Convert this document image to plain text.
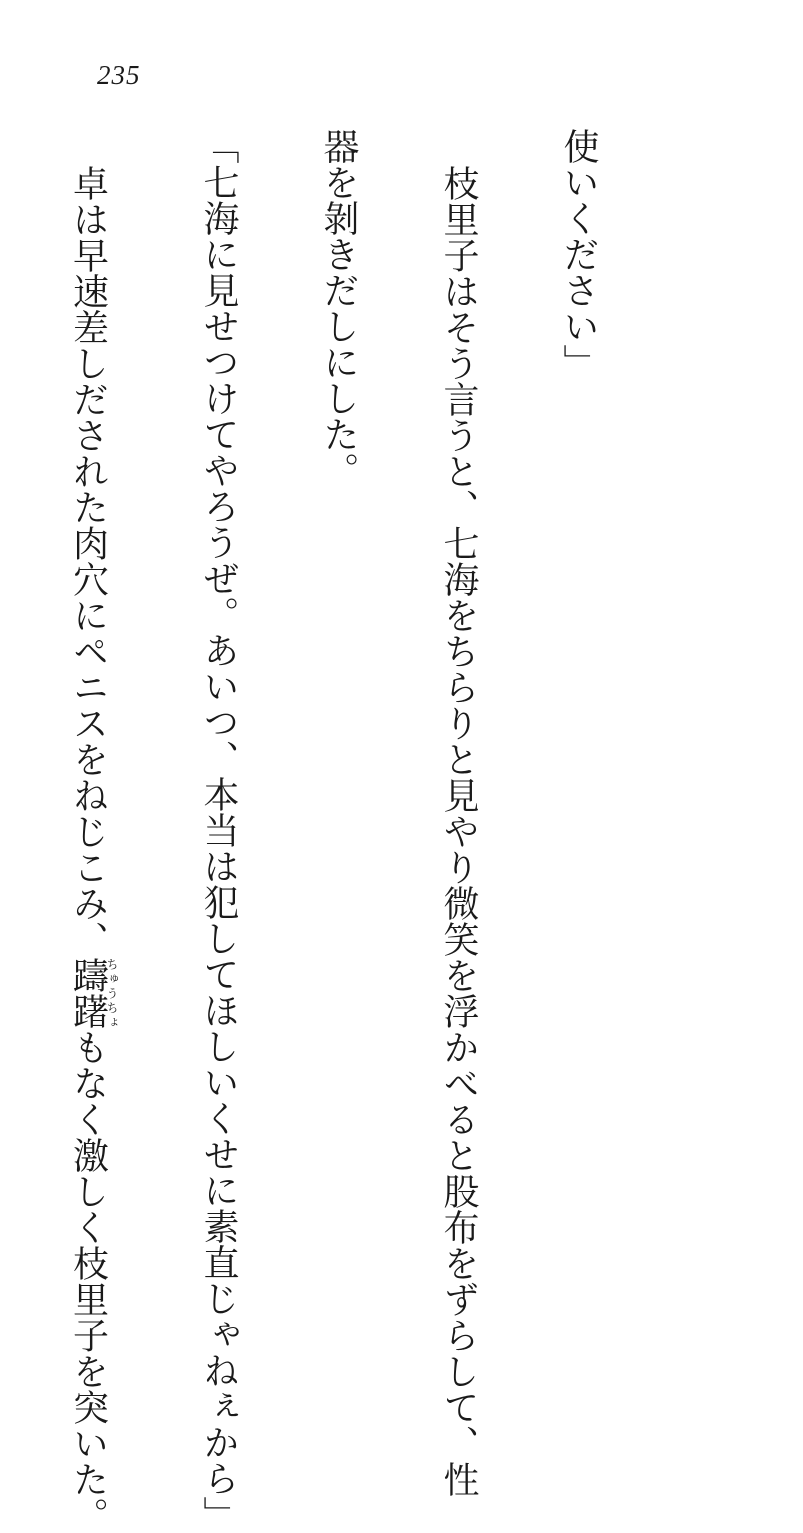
235

使いください」

枝里子はそう言うと、七海をちらりと見やり微笑を浮かべると股布をずらして、性

器を剝きだしにした。

「七海に見せつけてやろうぜ。あいつ、本当は犯してほしいくせに素直じゃねぇから」

卓は早速差しだされた肉穴にペニスをねじこみ、躊躇ちゅうちょもなく激しく枝里子を突いた。
